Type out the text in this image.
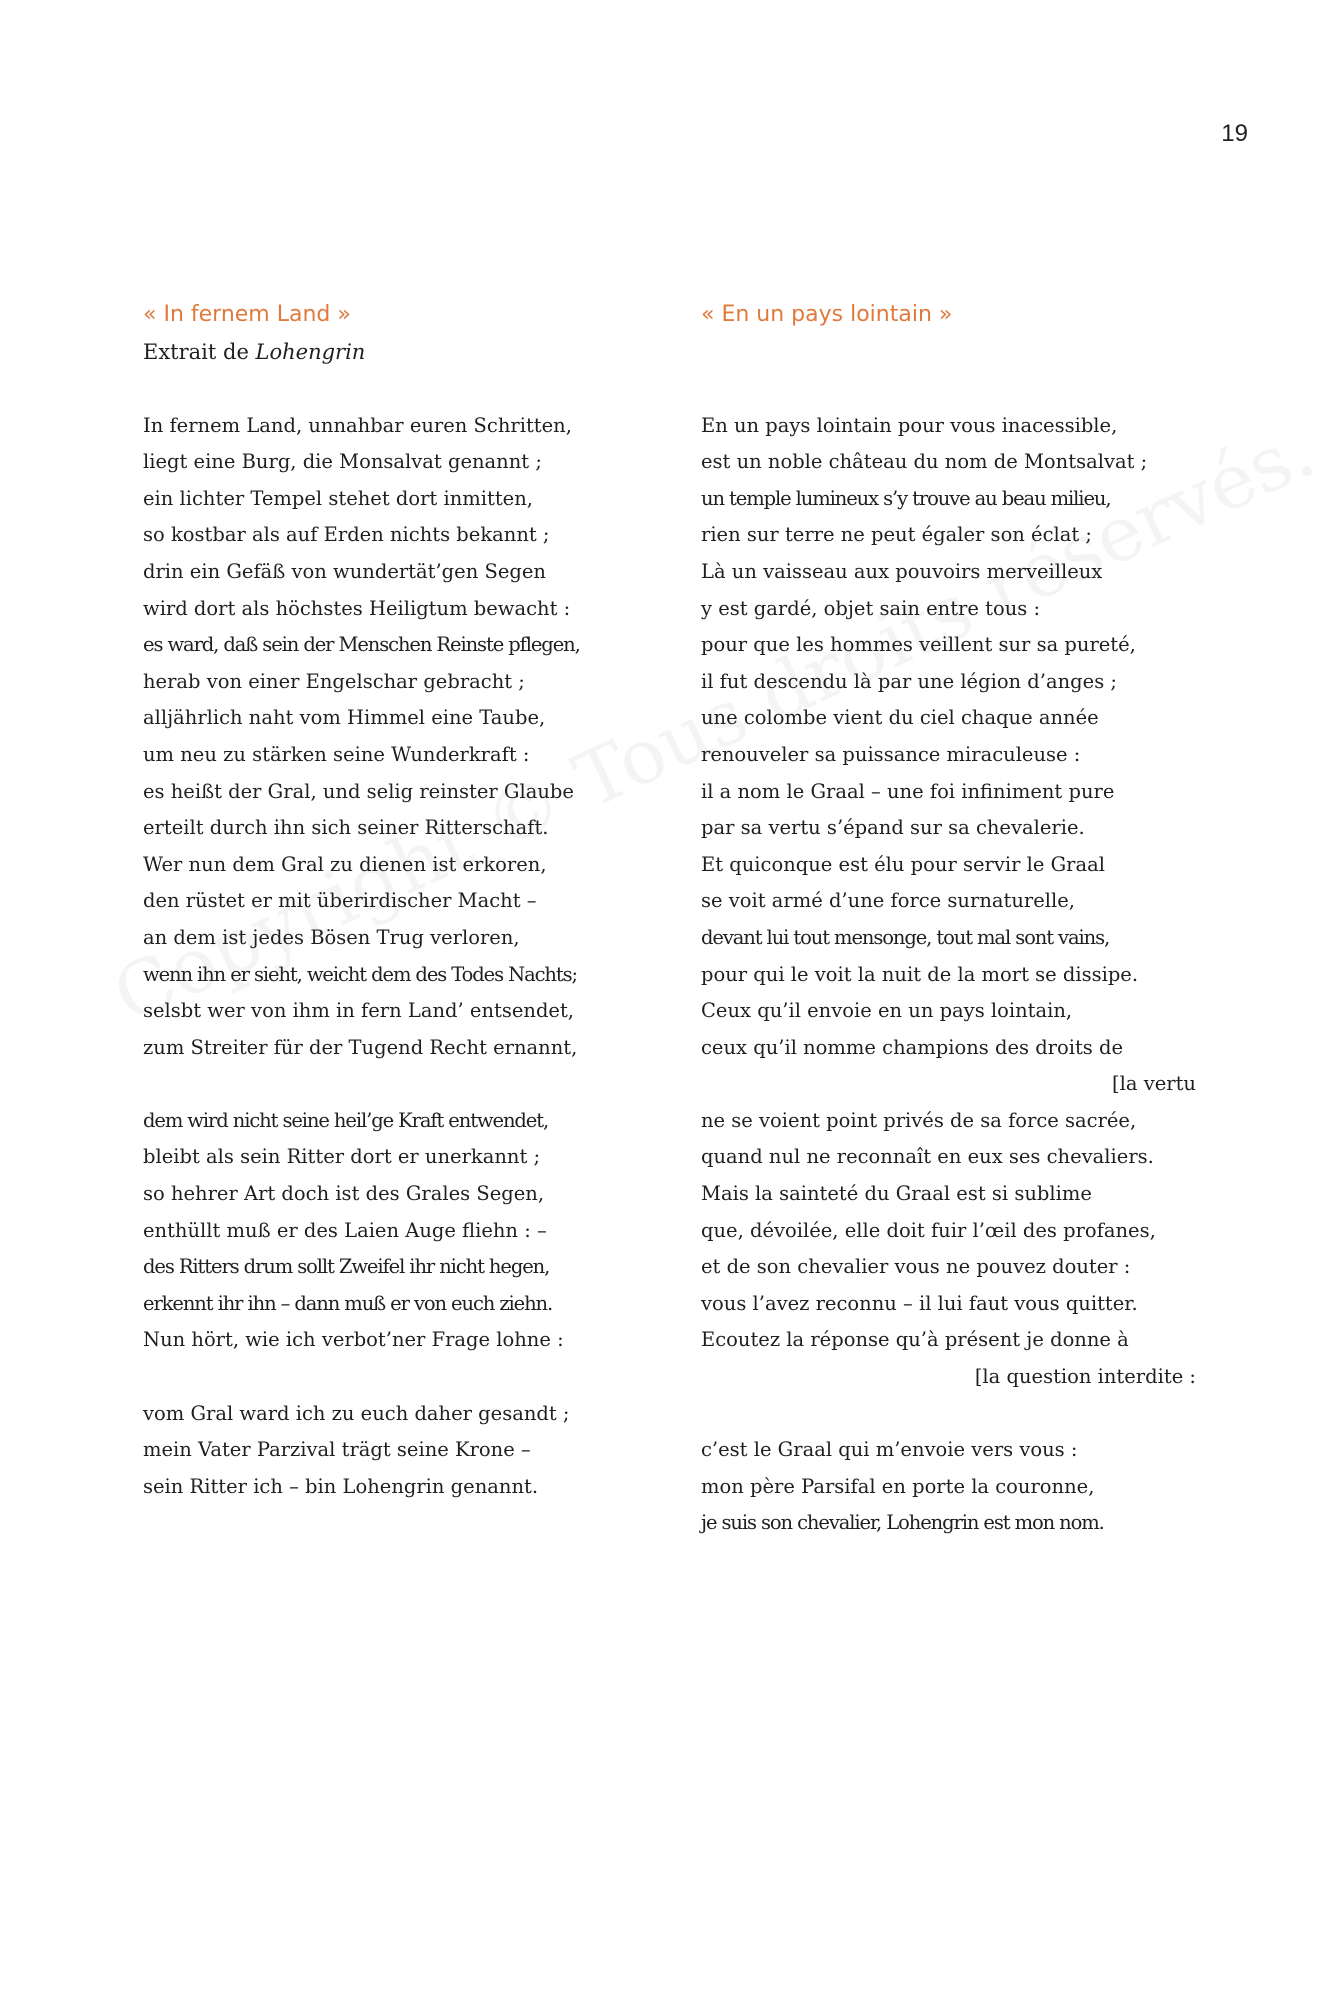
19
« In fernem Land »
Extrait de Lohengrin
In fernem Land, unnahbar euren Schritten,
liegt eine Burg, die Monsalvat genannt ;
ein lichter Tempel stehet dort inmitten,
so kostbar als auf Erden nichts bekannt ;
drin ein Gefäß von wundertät’gen Segen
wird dort als höchstes Heiligtum bewacht :
es ward, daß sein der Menschen Reinste pflegen,
herab von einer Engelschar gebracht ;
alljährlich naht vom Himmel eine Taube,
um neu zu stärken seine Wunderkraft :
es heißt der Gral, und selig reinster Glaube
erteilt durch ihn sich seiner Ritterschaft.
Wer nun dem Gral zu dienen ist erkoren,
den rüstet er mit überirdischer Macht –
an dem ist jedes Bösen Trug verloren,
wenn ihn er sieht, weicht dem des Todes Nachts;
selsbt wer von ihm in fern Land’ entsendet,
zum Streiter für der Tugend Recht ernannt,
dem wird nicht seine heil’ge Kraft entwendet,
bleibt als sein Ritter dort er unerkannt ;
so hehrer Art doch ist des Grales Segen,
enthüllt muß er des Laien Auge fliehn : –
des Ritters drum sollt Zweifel ihr nicht hegen,
erkennt ihr ihn – dann muß er von euch ziehn.
Nun hört, wie ich verbot’ner Frage lohne :
vom Gral ward ich zu euch daher gesandt ;
mein Vater Parzival trägt seine Krone –
sein Ritter ich – bin Lohengrin genannt.
« En un pays lointain »
En un pays lointain pour vous inacessible,
est un noble château du nom de Montsalvat ;
un temple lumineux s’y trouve au beau milieu,
rien sur terre ne peut égaler son éclat ;
Là un vaisseau aux pouvoirs merveilleux
y est gardé, objet sain entre tous :
pour que les hommes veillent sur sa pureté,
il fut descendu là par une légion d’anges ;
une colombe vient du ciel chaque année
renouveler sa puissance miraculeuse :
il a nom le Graal – une foi infiniment pure
par sa vertu s’épand sur sa chevalerie.
Et quiconque est élu pour servir le Graal
se voit armé d’une force surnaturelle,
devant lui tout mensonge, tout mal sont vains,
pour qui le voit la nuit de la mort se dissipe.
Ceux qu’il envoie en un pays lointain,
ceux qu’il nomme champions des droits de
[la vertu
ne se voient point privés de sa force sacrée,
quand nul ne reconnaît en eux ses chevaliers.
Mais la sainteté du Graal est si sublime
que, dévoilée, elle doit fuir l’œil des profanes,
et de son chevalier vous ne pouvez douter :
vous l’avez reconnu – il lui faut vous quitter.
Ecoutez la réponse qu’à présent je donne à
[la question interdite :
c’est le Graal qui m’envoie vers vous :
mon père Parsifal en porte la couronne,
je suis son chevalier, Lohengrin est mon nom.
